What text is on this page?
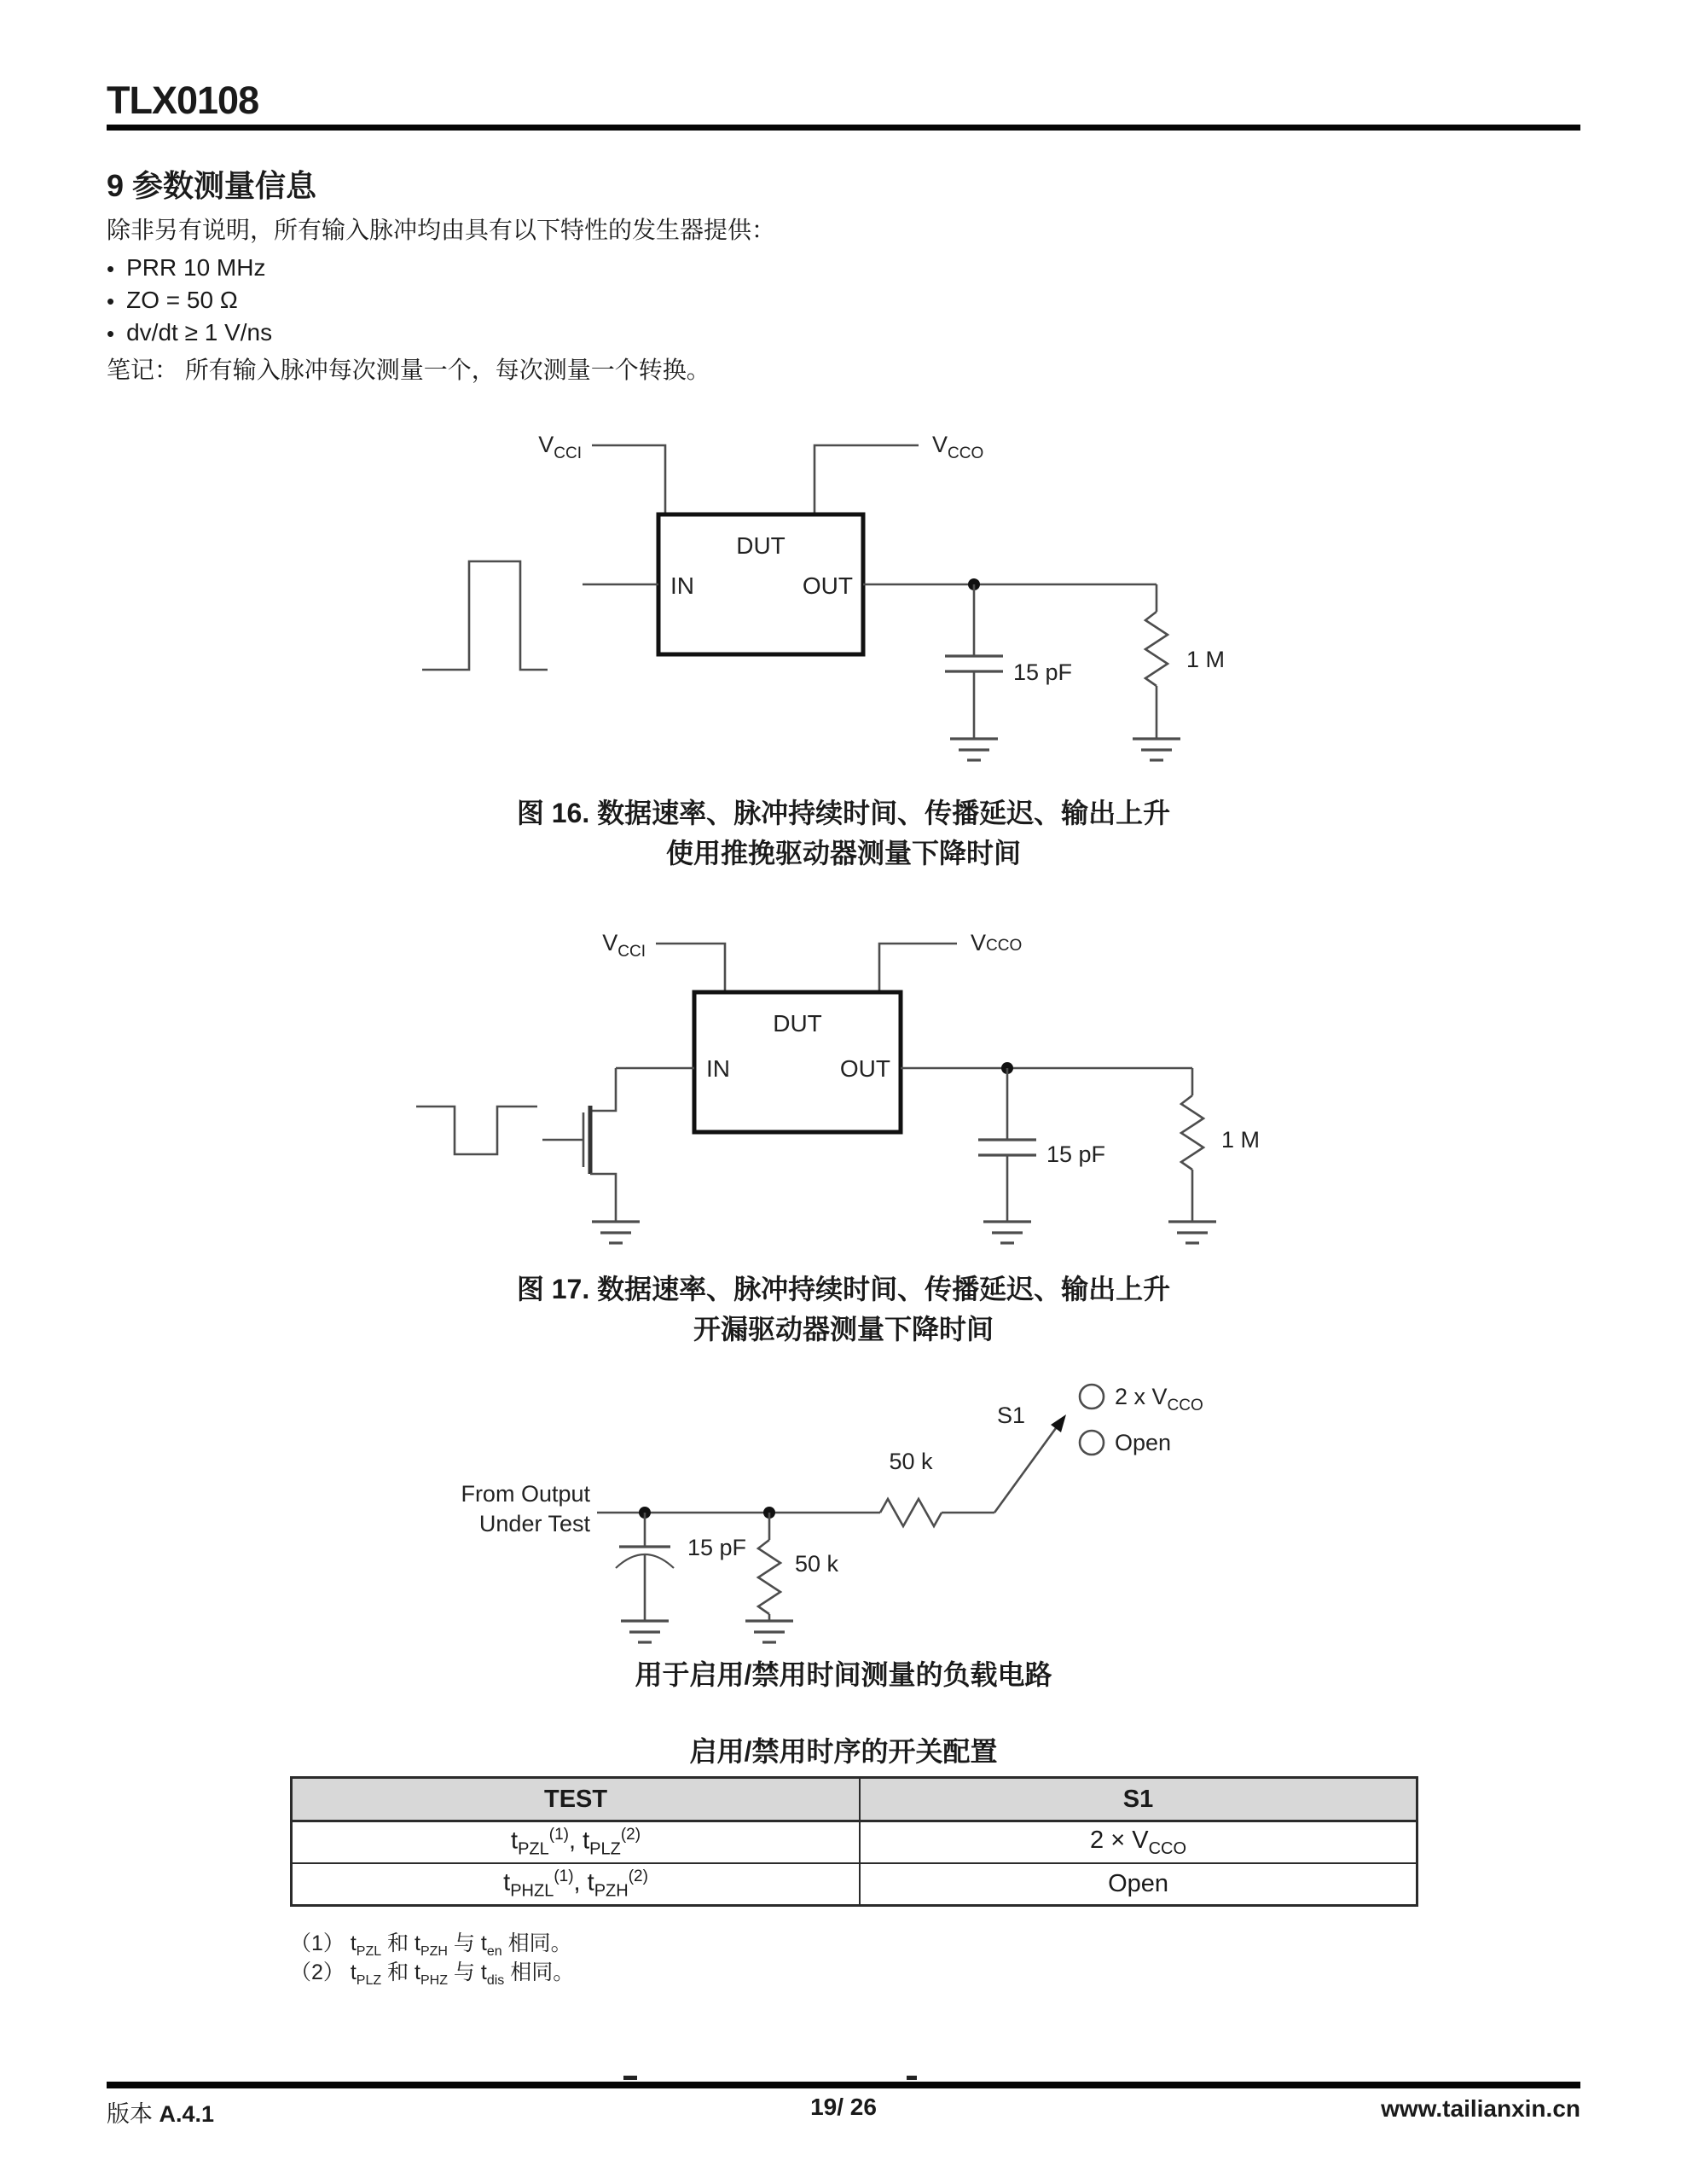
TLX0108
9 参数测量信息
除非另有说明，所有输入脉冲均由具有以下特性的发生器提供：
• PRR 10 MHz
• ZO = 50 Ω
• dv/dt ≥ 1 V/ns
笔记： 所有输入脉冲每次测量一个，每次测量一个转换。
$V_{CCI}$	$V_{CCO}$
DUT
IN	OUT
15 pF	1 M
图 16. 数据速率、脉冲持续时间、传播延迟、输出上升
使用推挽驱动器测量下降时间
$V_{CCI}$	VCCO
DUT
IN	OUT
15 pF
1 M
图 17. 数据速率、脉冲持续时间、传播延迟、输出上升
开漏驱动器测量下降时间
From Output
Under Test
50 k
S1
2 x $V_{CCO}$
Open
15 pF
50 k
用于启用/禁用时间测量的负载电路
启用/禁用时序的开关配置
TEST	S1
$t_{PZL}^{(1)}$, $t_{PLZ}^{(2)}$	$2 \times V_{CCO}$
$t_{PHZL}^{(1)}$, $t_{PZH}^{(2)}$	Open
（1） $t_{PZL}$ 和 $t_{PZH}$ 与 $t_{en}$ 相同。
（2） $t_{PLZ}$ 和 $t_{PHZ}$ 与 $t_{dis}$ 相同。
版本 A.4.1	19/ 26	www.tailianxin.cn
